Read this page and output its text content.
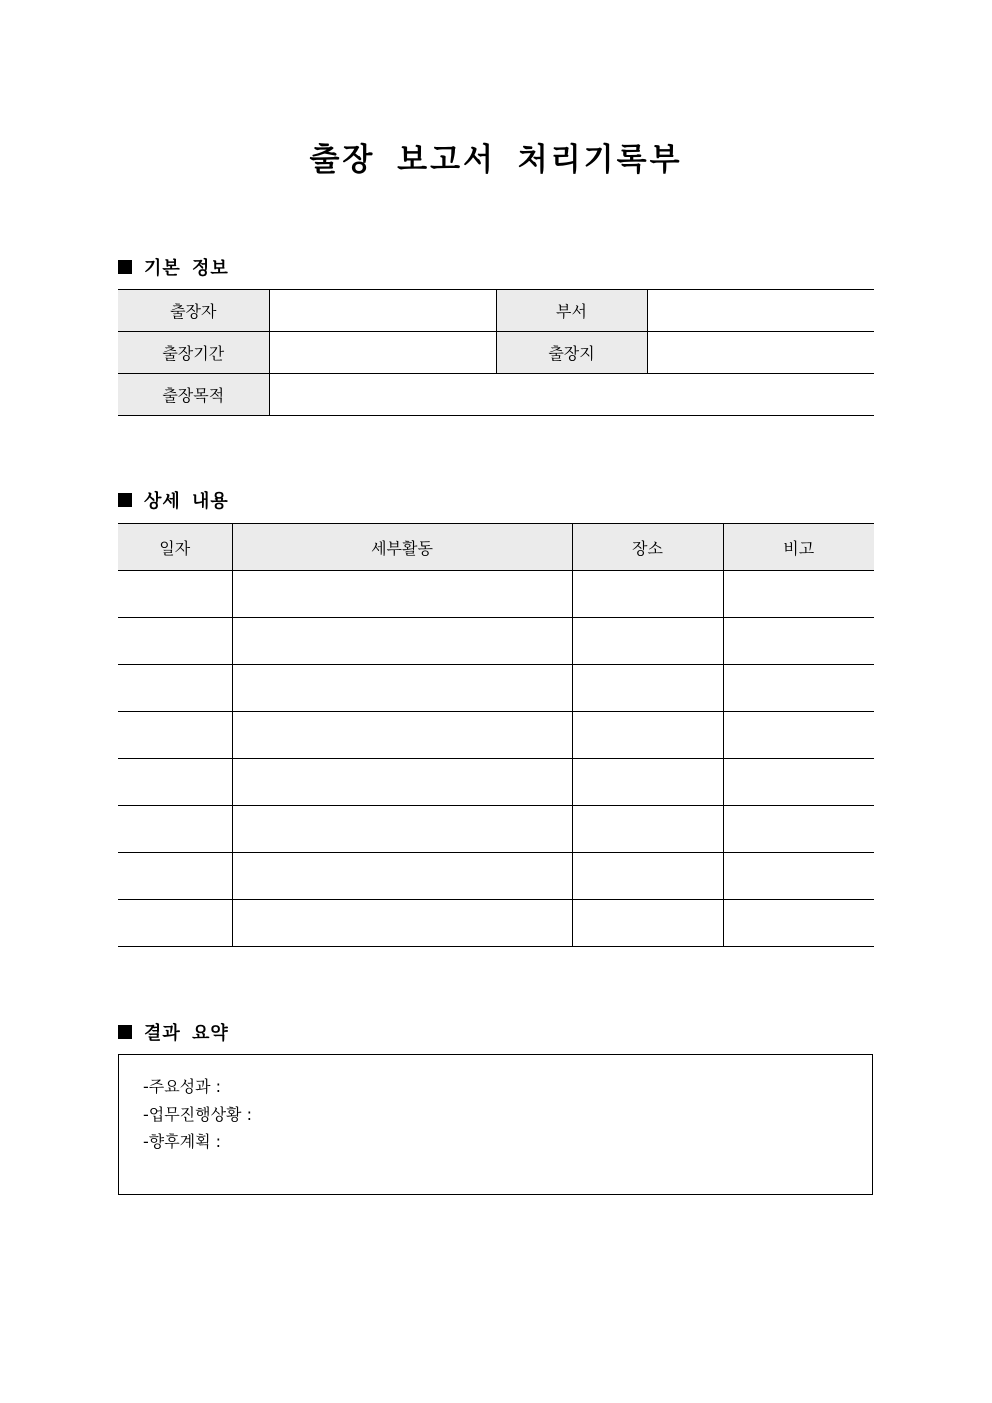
출장 보고서 처리기록부
기본 정보
출장자		부서	
출장기간		출장지	
출장목적			
상세 내용
일자	세부활동	장소	비고

결과 요약
-주요성과 :
-업무진행상황 :
-향후계획 :
